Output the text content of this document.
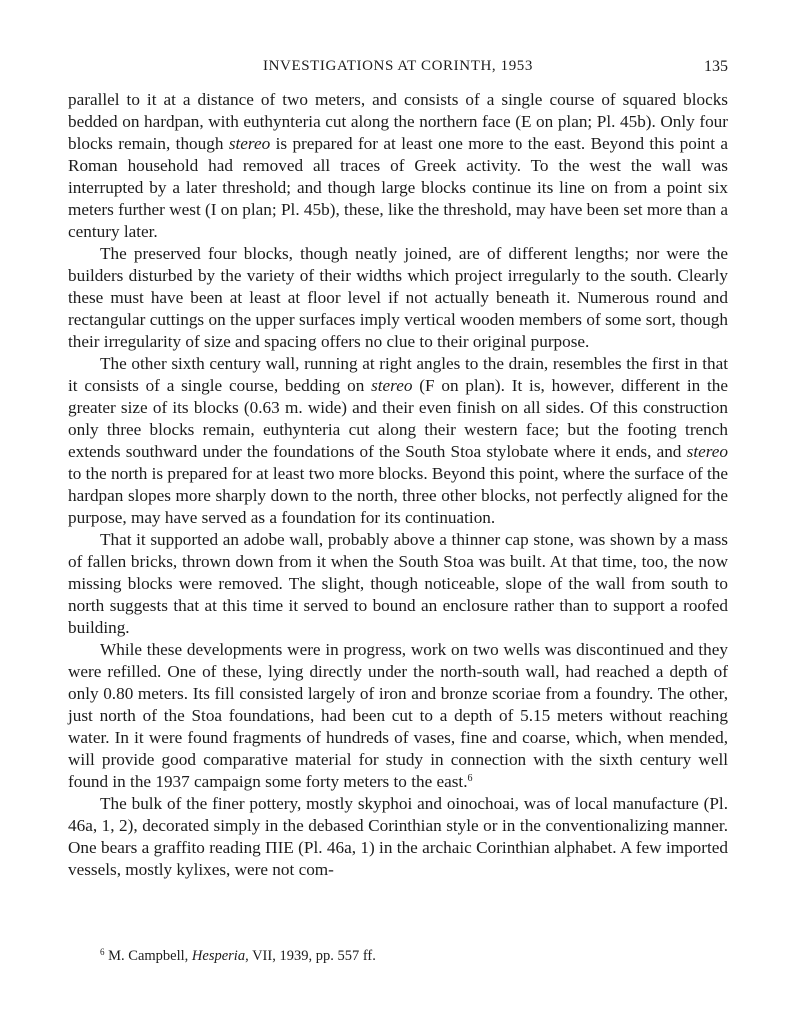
INVESTIGATIONS AT CORINTH, 1953	135

parallel to it at a distance of two meters, and consists of a single course of squared blocks bedded on hardpan, with euthynteria cut along the northern face (E on plan; Pl. 45b). Only four blocks remain, though stereo is prepared for at least one more to the east. Beyond this point a Roman household had removed all traces of Greek activity. To the west the wall was interrupted by a later threshold; and though large blocks continue its line on from a point six meters further west (I on plan; Pl. 45b), these, like the threshold, may have been set more than a century later.

The preserved four blocks, though neatly joined, are of different lengths; nor were the builders disturbed by the variety of their widths which project irregularly to the south. Clearly these must have been at least at floor level if not actually beneath it. Numerous round and rectangular cuttings on the upper surfaces imply vertical wooden members of some sort, though their irregularity of size and spacing offers no clue to their original purpose.

The other sixth century wall, running at right angles to the drain, resembles the first in that it consists of a single course, bedding on stereo (F on plan). It is, however, different in the greater size of its blocks (0.63 m. wide) and their even finish on all sides. Of this construction only three blocks remain, euthynteria cut along their western face; but the footing trench extends southward under the foundations of the South Stoa stylobate where it ends, and stereo to the north is prepared for at least two more blocks. Beyond this point, where the surface of the hardpan slopes more sharply down to the north, three other blocks, not perfectly aligned for the purpose, may have served as a foundation for its continuation.

That it supported an adobe wall, probably above a thinner cap stone, was shown by a mass of fallen bricks, thrown down from it when the South Stoa was built. At that time, too, the now missing blocks were removed. The slight, though noticeable, slope of the wall from south to north suggests that at this time it served to bound an enclosure rather than to support a roofed building.

While these developments were in progress, work on two wells was discontinued and they were refilled. One of these, lying directly under the north-south wall, had reached a depth of only 0.80 meters. Its fill consisted largely of iron and bronze scoriae from a foundry. The other, just north of the Stoa foundations, had been cut to a depth of 5.15 meters without reaching water. In it were found fragments of hundreds of vases, fine and coarse, which, when mended, will provide good comparative material for study in connection with the sixth century well found in the 1937 campaign some forty meters to the east.$^6$

The bulk of the finer pottery, mostly skyphoi and oinochoai, was of local manufacture (Pl. 46a, 1, 2), decorated simply in the debased Corinthian style or in the conventionalizing manner. One bears a graffito reading ΠΙΕ (Pl. 46a, 1) in the archaic Corinthian alphabet. A few imported vessels, mostly kylixes, were not com-

$^6$ M. Campbell, Hesperia, VII, 1939, pp. 557 ff.
